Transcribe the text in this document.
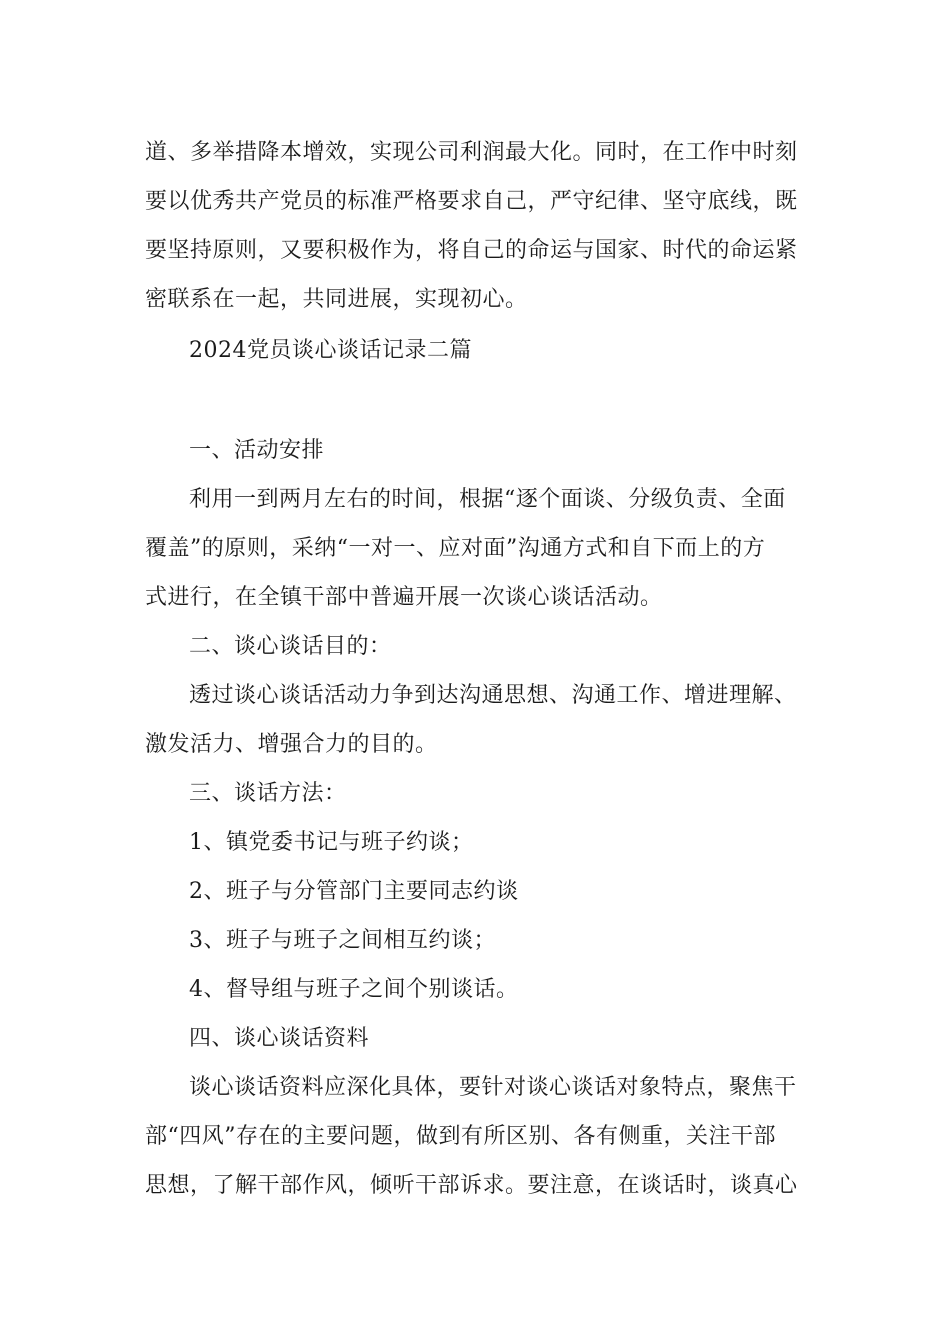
道、多举措降本增效，实现公司利润最大化。同时，在工作中时刻
要以优秀共产党员的标准严格要求自己，严守纪律、坚守底线，既
要坚持原则，又要积极作为，将自己的命运与国家、时代的命运紧
密联系在一起，共同进展，实现初心。
2024党员谈心谈话记录二篇
一、活动安排
利用一到两月左右的时间，根据“逐个面谈、分级负责、全面
覆盖”的原则，采纳“一对一、应对面”沟通方式和自下而上的方
式进行，在全镇干部中普遍开展一次谈心谈话活动。
二、谈心谈话目的：
透过谈心谈话活动力争到达沟通思想、沟通工作、增进理解、
激发活力、增强合力的目的。
三、谈话方法：
1、镇党委书记与班子约谈；
2、班子与分管部门主要同志约谈
3、班子与班子之间相互约谈；
4、督导组与班子之间个别谈话。
四、谈心谈话资料
谈心谈话资料应深化具体，要针对谈心谈话对象特点，聚焦干
部“四风”存在的主要问题，做到有所区别、各有侧重，关注干部
思想，了解干部作风，倾听干部诉求。要注意，在谈话时，谈真心
